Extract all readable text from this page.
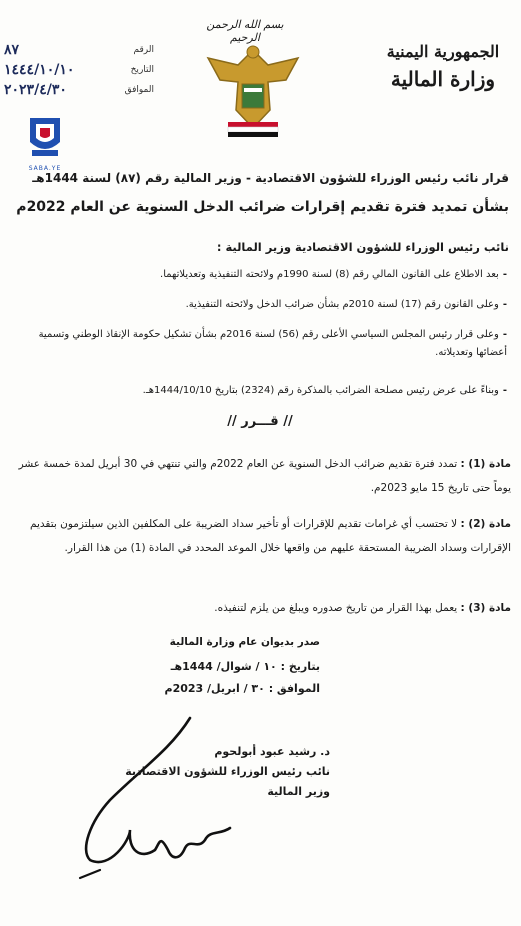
الرقم
٨٧
التاريخ
١٤٤٤/١٠/١٠
الموافق
٢٠٢٣/٤/٣٠
SABA.YE
بسم الله الرحمن الرحيم
الجمهورية اليمنية
وزارة المالية
قرار نائب رئيس الوزراء للشؤون الاقتصادية - وزير المالية رقم (٨٧) لسنة 1444هـ
بشأن تمديد فترة تقديم إقرارات ضرائب الدخل السنوية عن العام 2022م
نائب رئيس الوزراء للشؤون الاقتصادية وزير المالية :
-بعد الاطلاع على القانون المالي رقم (8) لسنة 1990م ولائحته التنفيذية وتعديلاتهما.
-وعلى القانون رقم (17) لسنة 2010م بشأن ضرائب الدخل ولائحته التنفيذية.
-وعلى قرار رئيس المجلس السياسي الأعلى رقم (56) لسنة 2016م بشأن تشكيل حكومة الإنقاذ الوطني وتسمية أعضائها وتعديلاته.
-وبناءً على عرض رئيس مصلحة الضرائب بالمذكرة رقم (2324) بتاريخ 1444/10/10هـ.
// قـــرر //
مادة (1) : تمدد فترة تقديم ضرائب الدخل السنوية عن العام 2022م والتي تنتهي في 30 أبريل لمدة خمسة عشر يوماً حتى تاريخ 15 مايو 2023م.
مادة (2) : لا تحتسب أي غرامات تقديم للإقرارات أو تأخير سداد الضريبة على المكلفين الذين سيلتزمون بتقديم الإقرارات وسداد الضريبة المستحقة عليهم من واقعها خلال الموعد المحدد في المادة (1) من هذا القرار.
مادة (3) : يعمل بهذا القرار من تاريخ صدوره ويبلغ من يلزم لتنفيذه.
صدر بديوان عام وزارة المالية
بتاريخ : ١٠ / شوال/ 1444هـ
الموافق : ٣٠ / ابريل/ 2023م
د. رشيد عبود أبولحوم
نائب رئيس الوزراء للشؤون الاقتصادية
وزير المالية
